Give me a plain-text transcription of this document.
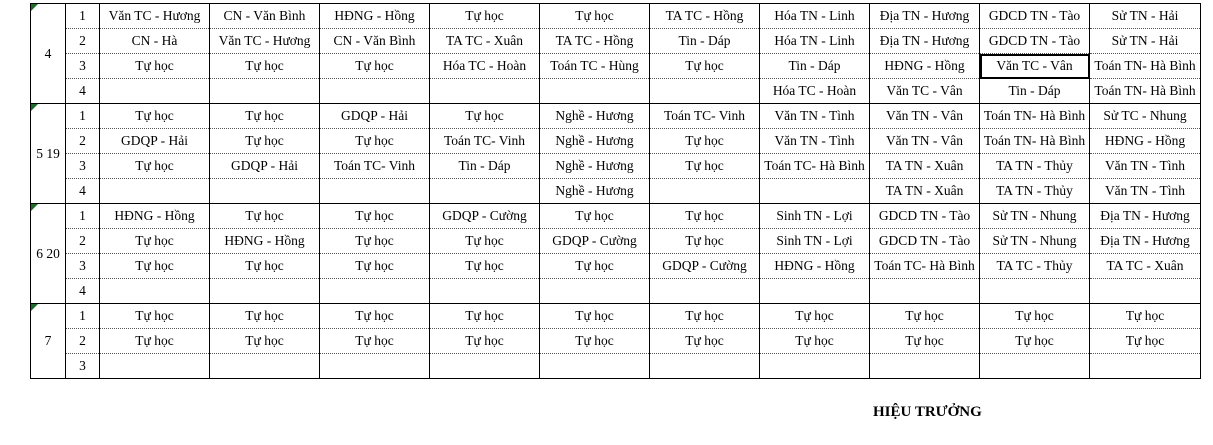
4	1	Văn TC - Hương	CN - Văn Bình	HĐNG - Hồng	Tự học	Tự học	TA TC - Hồng	Hóa TN - Linh	Địa TN - Hương	GDCD TN - Tào	Sử TN - Hải
	2	CN - Hà	Văn TC - Hương	CN - Văn Bình	TA TC - Xuân	TA TC - Hồng	Tin - Dáp	Hóa TN - Linh	Địa TN - Hương	GDCD TN - Tào	Sử TN - Hải
	3	Tự học	Tự học	Tự học	Hóa TC - Hoàn	Toán TC - Hùng	Tự học	Tin - Dáp	HĐNG - Hồng	Văn TC - Vân	Toán TN- Hà Bình
	4							Hóa TC - Hoàn	Văn TC - Vân	Tin - Dáp	Toán TN- Hà Bình

5 19	1	Tự học	Tự học	GDQP - Hải	Tự học	Nghề - Hương	Toán TC- Vinh	Văn TN - Tình	Văn TN - Vân	Toán TN- Hà Bình	Sử TC - Nhung
	2	GDQP - Hải	Tự học	Tự học	Toán TC- Vinh	Nghề - Hương	Tự học	Văn TN - Tình	Văn TN - Vân	Toán TN- Hà Bình	HĐNG - Hồng
	3	Tự học	GDQP - Hải	Toán TC- Vinh	Tin - Dáp	Nghề - Hương	Tự học	Toán TC- Hà Bình	TA TN - Xuân	TA TN - Thủy	Văn TN - Tình
	4					Nghề - Hương			TA TN - Xuân	TA TN - Thủy	Văn TN - Tình

6 20	1	HĐNG - Hồng	Tự học	Tự học	GDQP - Cường	Tự học	Tự học	Sinh TN - Lợi	GDCD TN - Tào	Sử TN - Nhung	Địa TN - Hương
	2	Tự học	HĐNG - Hồng	Tự học	Tự học	GDQP - Cường	Tự học	Sinh TN - Lợi	GDCD TN - Tào	Sử TN - Nhung	Địa TN - Hương
	3	Tự học	Tự học	Tự học	Tự học	Tự học	GDQP - Cường	HĐNG - Hồng	Toán TC- Hà Bình	TA TC - Thủy	TA TC - Xuân
	4										

7	1	Tự học	Tự học	Tự học	Tự học	Tự học	Tự học	Tự học	Tự học	Tự học	Tự học
	2	Tự học	Tự học	Tự học	Tự học	Tự học	Tự học	Tự học	Tự học	Tự học	Tự học
	3										
HIỆU TRƯỞNG
